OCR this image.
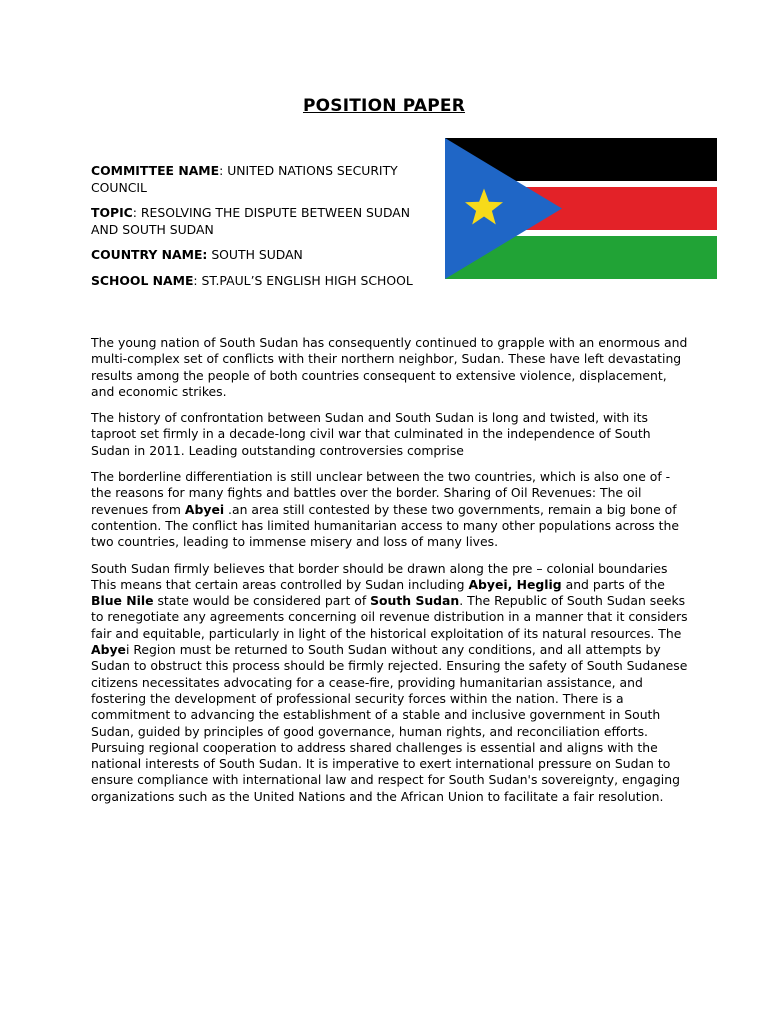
POSITION PAPER

COMMITTEE NAME: UNITED NATIONS SECURITY COUNCIL

TOPIC: RESOLVING THE DISPUTE BETWEEN SUDAN AND SOUTH SUDAN

COUNTRY NAME: SOUTH SUDAN

SCHOOL NAME: ST.PAUL’S ENGLISH HIGH SCHOOL

The young nation of South Sudan has consequently continued to grapple with an enormous and multi-complex set of conflicts with their northern neighbor, Sudan. These have left devastating results among the people of both countries consequent to extensive violence, displacement, and economic strikes.

The history of confrontation between Sudan and South Sudan is long and twisted, with its taproot set firmly in a decade-long civil war that culminated in the independence of South Sudan in 2011. Leading outstanding controversies comprise

The borderline differentiation is still unclear between the two countries, which is also one of - the reasons for many fights and battles over the border. Sharing of Oil Revenues: The oil revenues from Abyei .an area still contested by these two governments, remain a big bone of contention. The conflict has limited humanitarian access to many other populations across the two countries, leading to immense misery and loss of many lives.

South Sudan firmly believes that border should be drawn along the pre – colonial boundaries This means that certain areas controlled by Sudan including Abyei, Heglig and parts of the Blue Nile state would be considered part of South Sudan. The Republic of South Sudan seeks to renegotiate any agreements concerning oil revenue distribution in a manner that it considers fair and equitable, particularly in light of the historical exploitation of its natural resources. The Abyei Region must be returned to South Sudan without any conditions, and all attempts by Sudan to obstruct this process should be firmly rejected. Ensuring the safety of South Sudanese citizens necessitates advocating for a cease-fire, providing humanitarian assistance, and fostering the development of professional security forces within the nation. There is a commitment to advancing the establishment of a stable and inclusive government in South Sudan, guided by principles of good governance, human rights, and reconciliation efforts. Pursuing regional cooperation to address shared challenges is essential and aligns with the national interests of South Sudan. It is imperative to exert international pressure on Sudan to ensure compliance with international law and respect for South Sudan's sovereignty, engaging organizations such as the United Nations and the African Union to facilitate a fair resolution.
